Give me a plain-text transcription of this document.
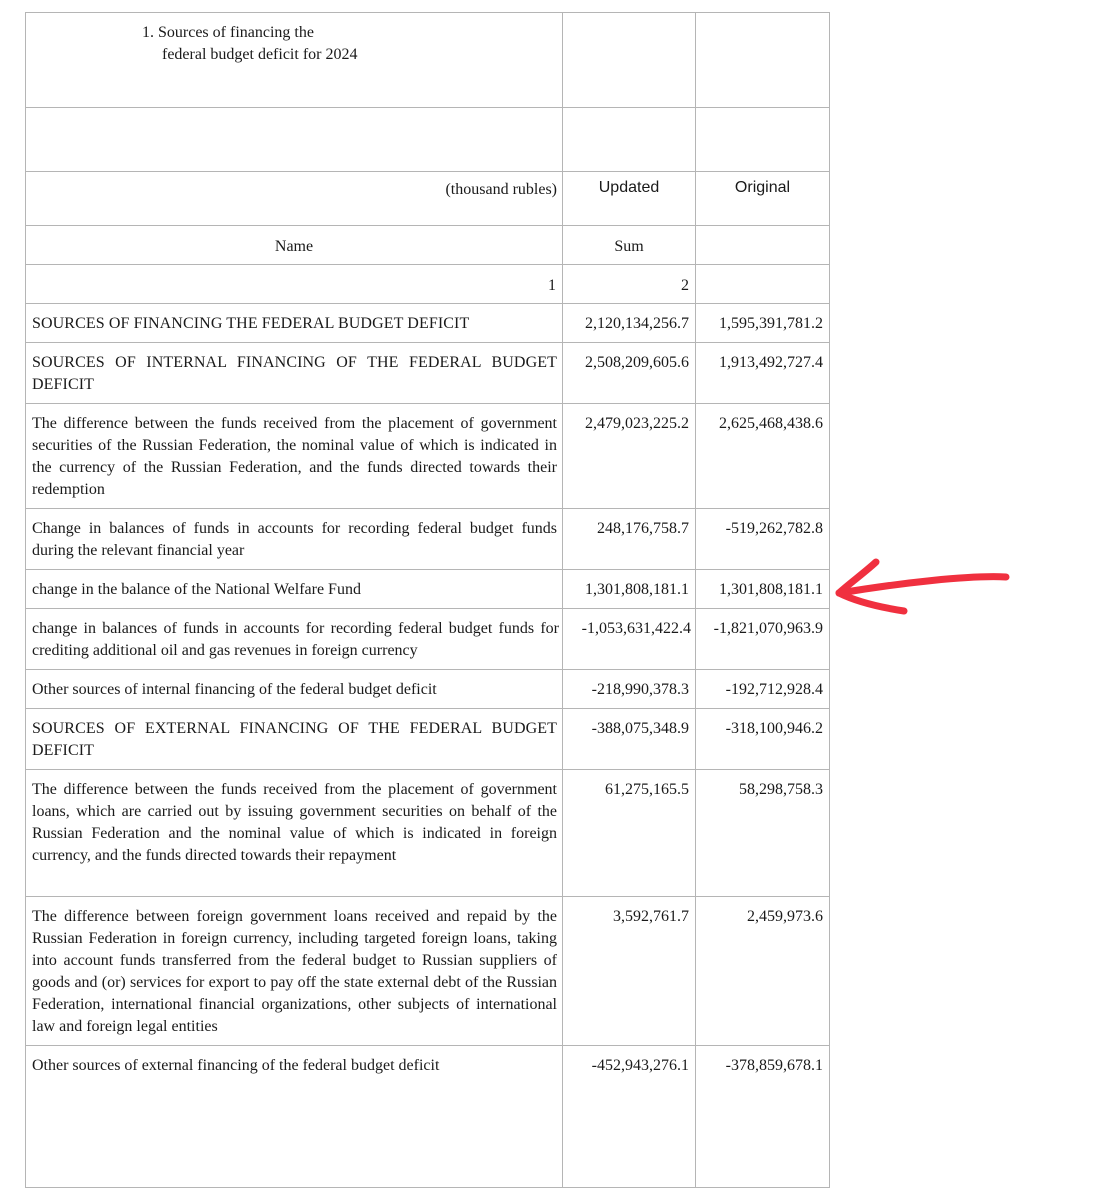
1. Sources of financing the
federal budget deficit for 2024		

(thousand rubles)	Updated	Original

Name	Sum	

1	2	

SOURCES OF FINANCING THE FEDERAL BUDGET DEFICIT	2,120,134,256.7	1,595,391,781.2

SOURCES OF INTERNAL FINANCING OF THE FEDERAL BUDGET DEFICIT	2,508,209,605.6	1,913,492,727.4

The difference between the funds received from the placement of government securities of the Russian Federation, the nominal value of which is indicated in the currency of the Russian Federation, and the funds directed towards their redemption	2,479,023,225.2	2,625,468,438.6

Change in balances of funds in accounts for recording federal budget funds during the relevant financial year	248,176,758.7	-519,262,782.8

change in the balance of the National Welfare Fund	1,301,808,181.1	1,301,808,181.1

change in balances of funds in accounts for recording federal budget funds for crediting additional oil and gas revenues in foreign currency	-1,053,631,422.4	-1,821,070,963.9

Other sources of internal financing of the federal budget deficit	-218,990,378.3	-192,712,928.4

SOURCES OF EXTERNAL FINANCING OF THE FEDERAL BUDGET DEFICIT	-388,075,348.9	-318,100,946.2

The difference between the funds received from the placement of government loans, which are carried out by issuing government securities on behalf of the Russian Federation and the nominal value of which is indicated in foreign currency, and the funds directed towards their repayment	61,275,165.5	58,298,758.3

The difference between foreign government loans received and repaid by the Russian Federation in foreign currency, including targeted foreign loans, taking into account funds transferred from the federal budget to Russian suppliers of goods and (or) services for export to pay off the state external debt of the Russian Federation, international financial organizations, other subjects of international law and foreign legal entities	3,592,761.7	2,459,973.6

Other sources of external financing of the federal budget deficit	-452,943,276.1	-378,859,678.1
